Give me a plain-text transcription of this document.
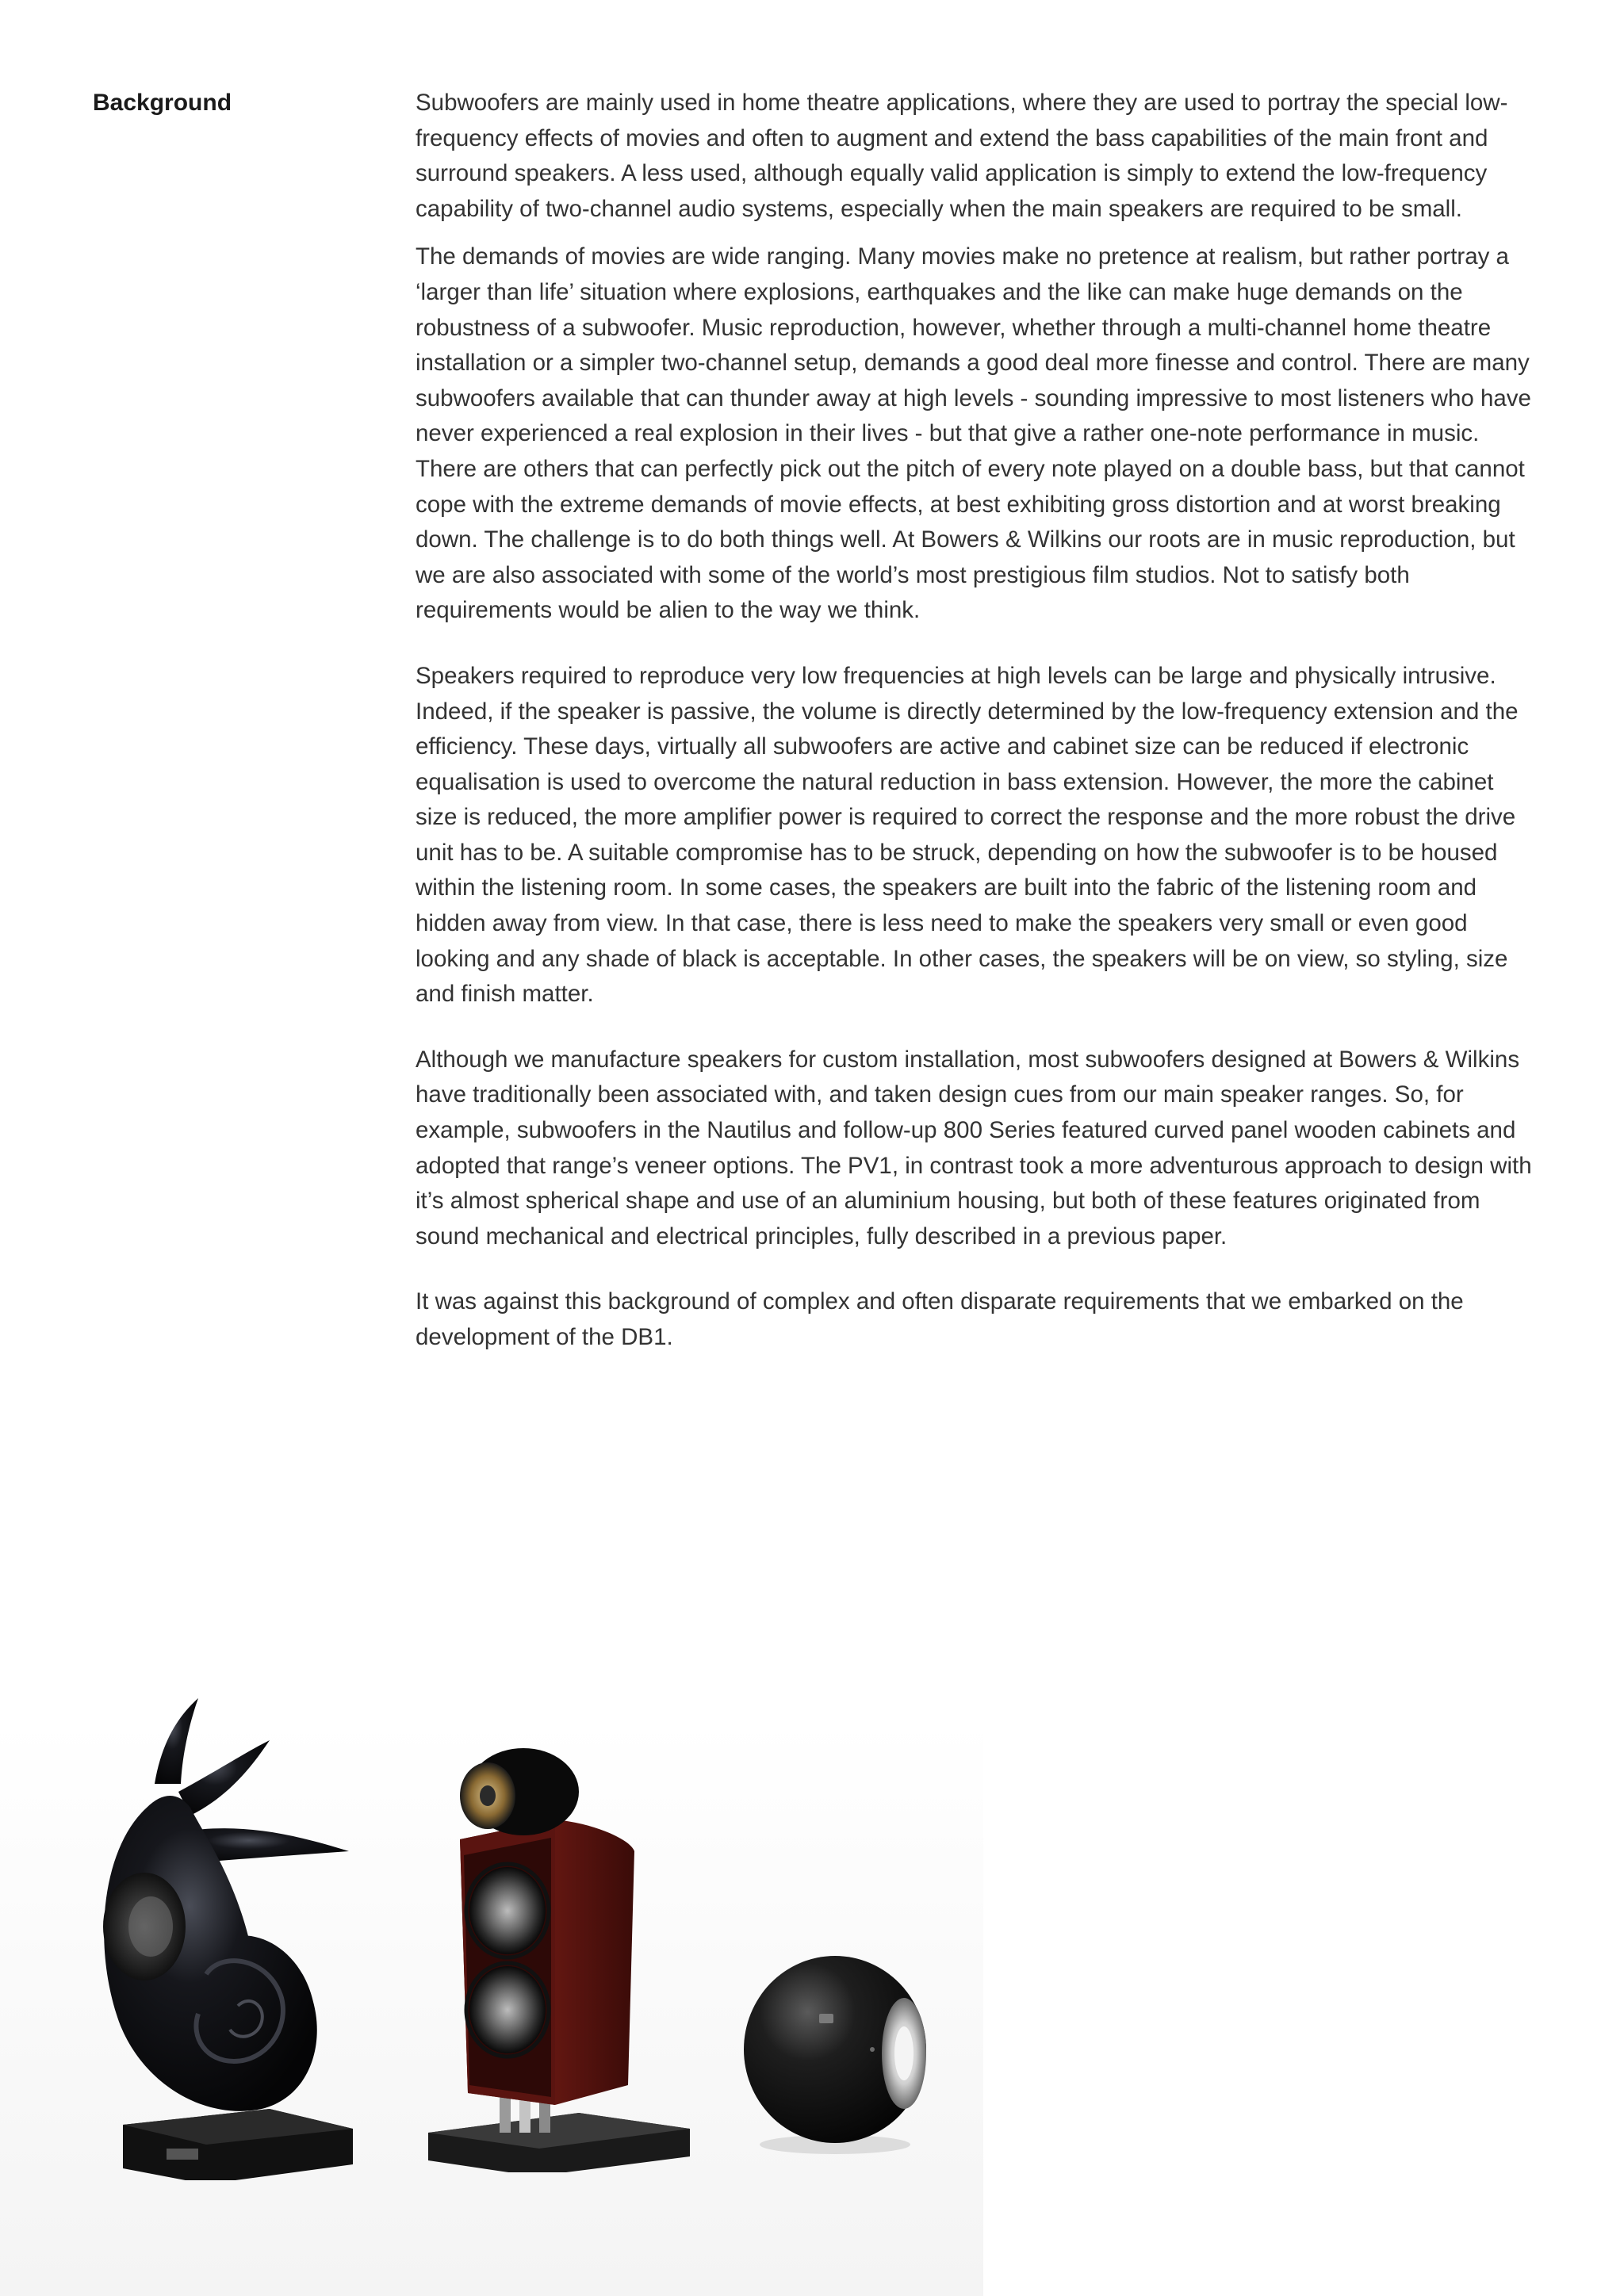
Background	Subwoofers are mainly used in home theatre applications, where they are used to portray the special low-frequency effects of movies and often to augment and extend the bass capabilities of the main front and surround speakers. A less used, although equally valid application is simply to extend the low-frequency capability of two-channel audio systems, especially when the main speakers are required to be small.

The demands of movies are wide ranging. Many movies make no pretence at realism, but rather portray a ‘larger than life’ situation where explosions, earthquakes and the like can make huge demands on the robustness of a subwoofer. Music reproduction, however, whether through a multi-channel home theatre installation or a simpler two-channel setup, demands a good deal more finesse and control. There are many subwoofers available that can thunder away at high levels - sounding impressive to most listeners who have never experienced a real explosion in their lives - but that give a rather one-note performance in music. There are others that can perfectly pick out the pitch of every note played on a double bass, but that cannot cope with the extreme demands of movie effects, at best exhibiting gross distortion and at worst breaking down. The challenge is to do both things well. At Bowers & Wilkins our roots are in music reproduction, but we are also associated with some of the world’s most prestigious film studios. Not to satisfy both requirements would be alien to the way we think.

Speakers required to reproduce very low frequencies at high levels can be large and physically intrusive. Indeed, if the speaker is passive, the volume is directly determined by the low-frequency extension and the efficiency. These days, virtually all subwoofers are active and cabinet size can be reduced if electronic equalisation is used to overcome the natural reduction in bass extension. However, the more the cabinet size is reduced, the more amplifier power is required to correct the response and the more robust the drive unit has to be. A suitable compromise has to be struck, depending on how the subwoofer is to be housed within the listening room. In some cases, the speakers are built into the fabric of the listening room and hidden away from view. In that case, there is less need to make the speakers very small or even good looking and any shade of black is acceptable. In other cases, the speakers will be on view, so styling, size and finish matter.

Although we manufacture speakers for custom installation, most subwoofers designed at Bowers & Wilkins have traditionally been associated with, and taken design cues from our main speaker ranges. So, for example, subwoofers in the Nautilus and follow-up 800 Series featured curved panel wooden cabinets and adopted that range’s veneer options. The PV1, in contrast took a more adventurous approach to design with it’s almost spherical shape and use of an aluminium housing, but both of these features originated from sound mechanical and electrical principles, fully described in a previous paper.

It was against this background of complex and often disparate requirements that we embarked on the development of the DB1.
